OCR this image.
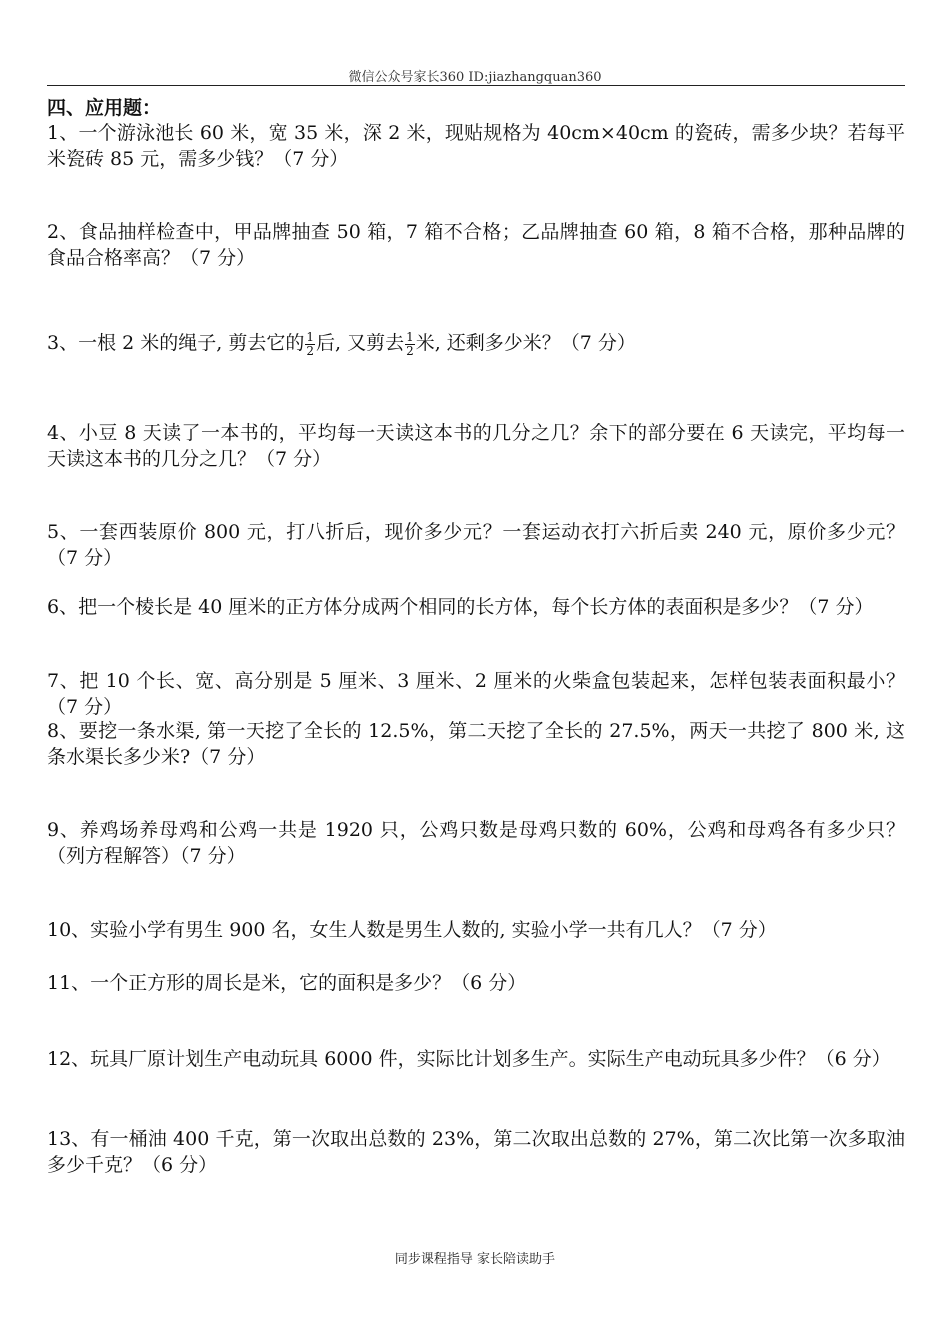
微信公众号家长360 ID:jiazhangquan360
四、应用题：
1、一个游泳池长 60 米，宽 35 米，深 2 米，现贴规格为 40cm×40cm 的瓷砖，需多少块？若每平米瓷砖 85 元，需多少钱？（7 分）
2、食品抽样检查中，甲品牌抽查 50 箱，7 箱不合格；乙品牌抽查 60 箱，8 箱不合格，那种品牌的食品合格率高？（7 分）
3、一根 2 米的绳子, 剪去它的 $\frac{1}{2}$ 后, 又剪去 $\frac{1}{2}$ 米, 还剩多少米？（7 分）
4、小豆 8 天读了一本书的，平均每一天读这本书的几分之几？余下的部分要在 6 天读完，平均每一天读这本书的几分之几？（7 分）
5、一套西装原价 800 元，打八折后，现价多少元？一套运动衣打六折后卖 240 元，原价多少元？（7 分）
6、把一个棱长是 40 厘米的正方体分成两个相同的长方体，每个长方体的表面积是多少？（7 分）
7、把 10 个长、宽、高分别是 5 厘米、3 厘米、2 厘米的火柴盒包装起来，怎样包装表面积最小？（7 分）
8、要挖一条水渠, 第一天挖了全长的 12.5%，第二天挖了全长的 27.5%，两天一共挖了 800 米, 这条水渠长多少米?（7 分）
9、养鸡场养母鸡和公鸡一共是 1920 只，公鸡只数是母鸡只数的 60%，公鸡和母鸡各有多少只？（列方程解答）（7 分）
10、实验小学有男生 900 名，女生人数是男生人数的, 实验小学一共有几人？（7 分）
11、一个正方形的周长是米，它的面积是多少？（6 分）
12、玩具厂原计划生产电动玩具 6000 件，实际比计划多生产。实际生产电动玩具多少件？（6 分）
13、有一桶油 400 千克，第一次取出总数的 23%，第二次取出总数的 27%，第二次比第一次多取油多少千克？（6 分）
同步课程指导 家长陪读助手
